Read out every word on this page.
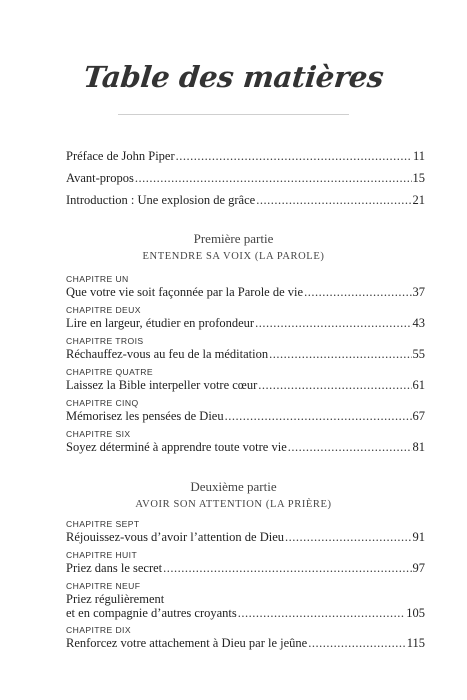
Table des matières
Préface de John Piper .....	11
Avant-propos .....	15
Introduction : Une explosion de grâce .....	21
Première partie
ENTENDRE SA VOIX (LA PAROLE)
CHAPITRE UN
Que votre vie soit façonnée par la Parole de vie .....	37
CHAPITRE DEUX
Lire en largeur, étudier en profondeur .....	43
CHAPITRE TROIS
Réchauffez-vous au feu de la méditation .....	55
CHAPITRE QUATRE
Laissez la Bible interpeller votre cœur .....	61
CHAPITRE CINQ
Mémorisez les pensées de Dieu .....	67
CHAPITRE SIX
Soyez déterminé à apprendre toute votre vie .....	81
Deuxième partie
AVOIR SON ATTENTION (LA PRIÈRE)
CHAPITRE SEPT
Réjouissez-vous d’avoir l’attention de Dieu .....	91
CHAPITRE HUIT
Priez dans le secret .....	97
CHAPITRE NEUF
Priez régulièrement
et en compagnie d’autres croyants .....	105
CHAPITRE DIX
Renforcez votre attachement à Dieu par le jeûne .....	115
